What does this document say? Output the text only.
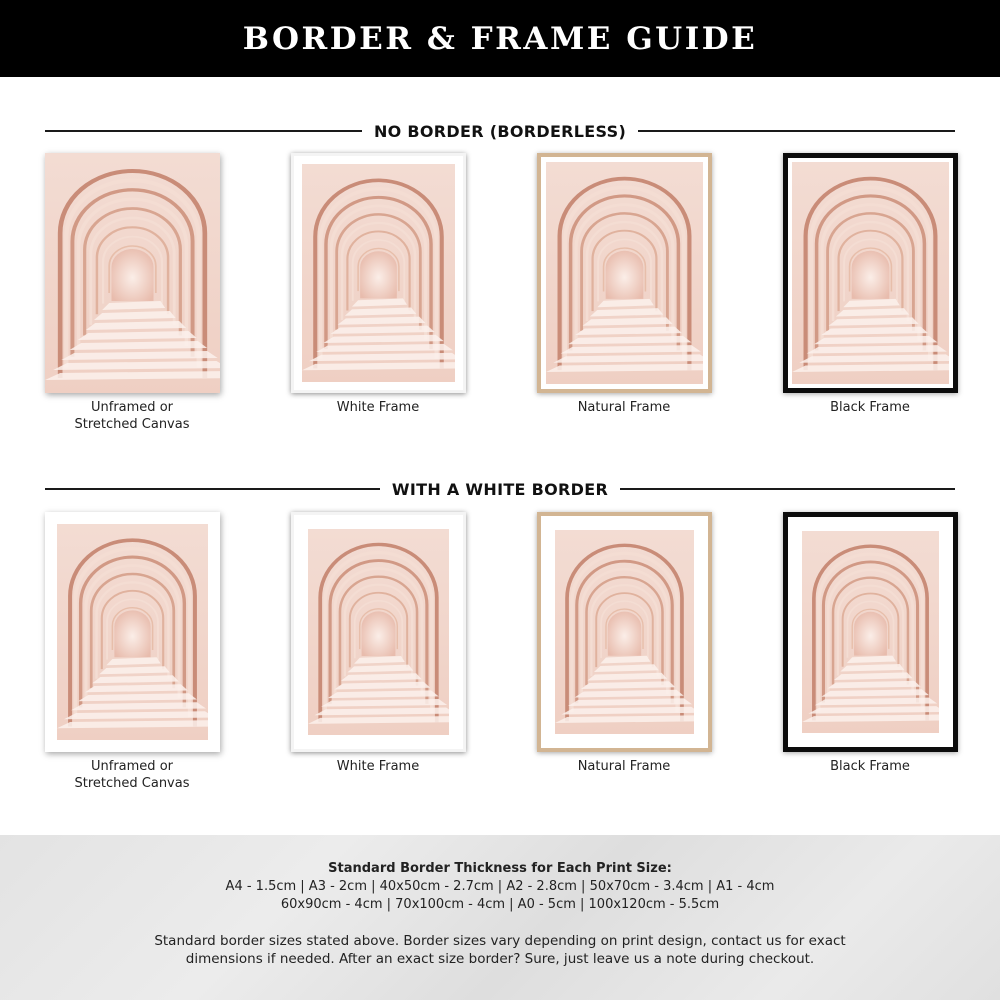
BORDER & FRAME GUIDE
NO BORDER (BORDERLESS)
WITH A WHITE BORDER
Unframed or
Stretched Canvas
White Frame	Natural Frame	Black Frame
Unframed or
Stretched Canvas
White Frame	Natural Frame	Black Frame
Standard Border Thickness for Each Print Size:
A4 - 1.5cm | A3 - 2cm | 40x50cm - 2.7cm | A2 - 2.8cm | 50x70cm - 3.4cm | A1 - 4cm
60x90cm - 4cm | 70x100cm - 4cm | A0 - 5cm | 100x120cm - 5.5cm
Standard border sizes stated above. Border sizes vary depending on print design, contact us for exact
dimensions if needed. After an exact size border? Sure, just leave us a note during checkout.
